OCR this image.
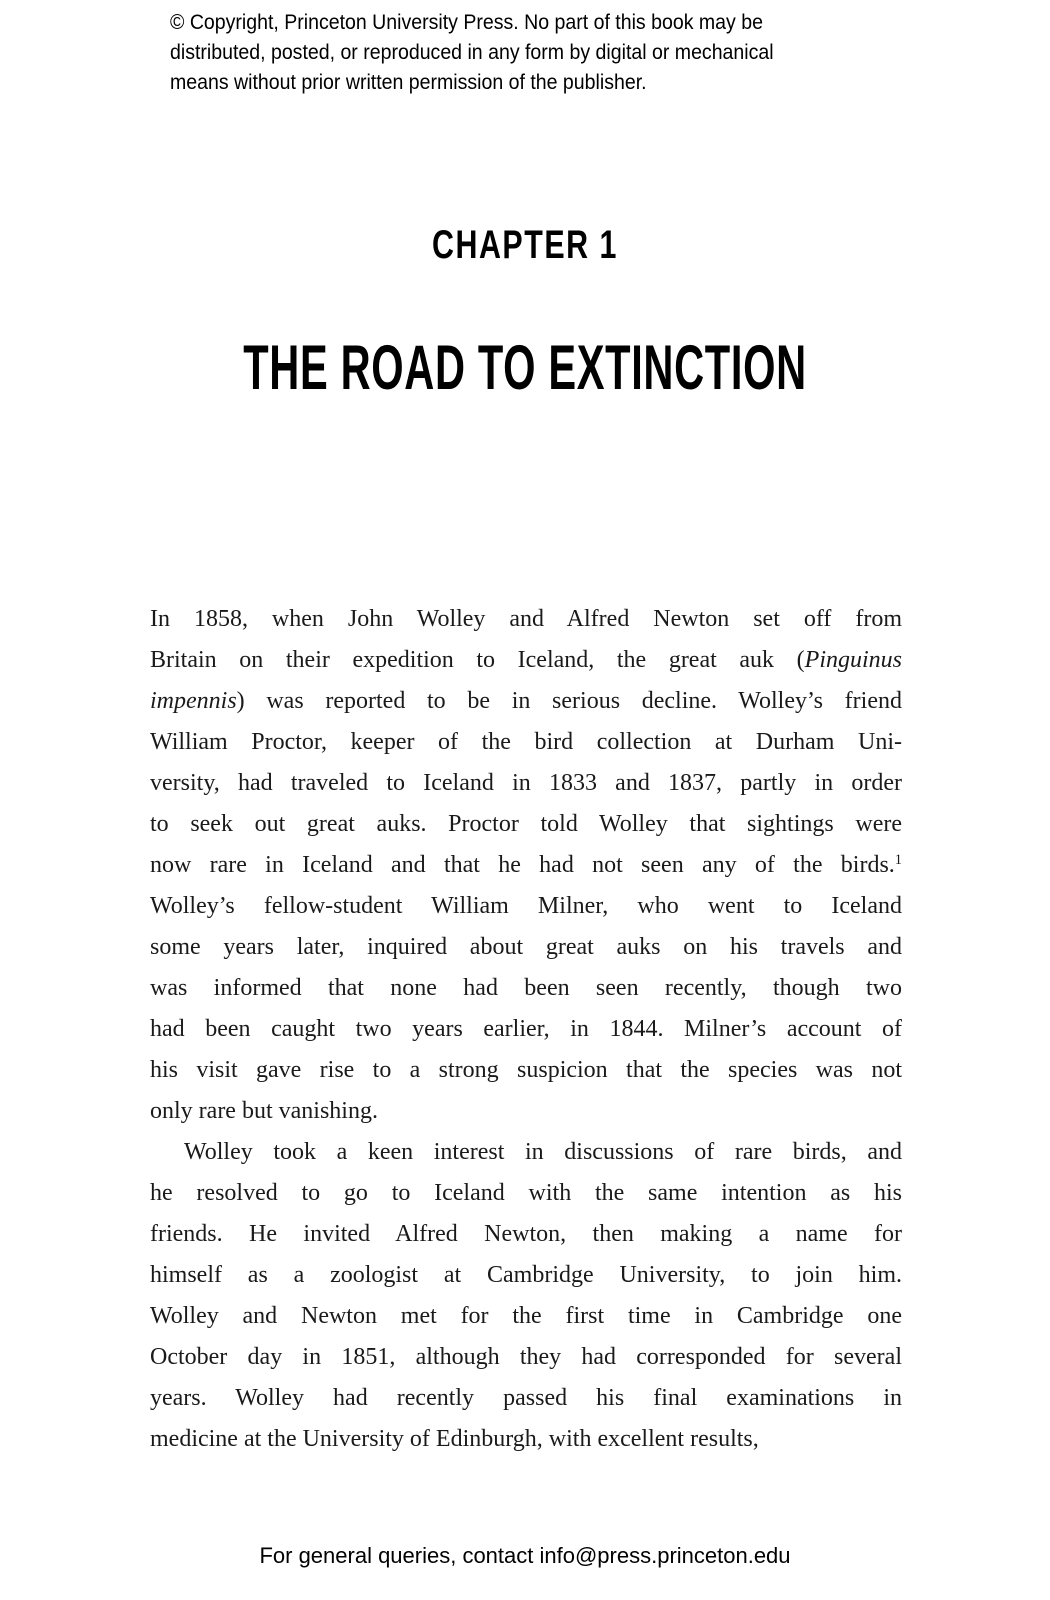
© Copyright, Princeton University Press. No part of this book may be
distributed, posted, or reproduced in any form by digital or mechanical
means without prior written permission of the publisher.
CHAPTER 1
THE ROAD TO EXTINCTION
In 1858, when John Wolley and Alfred Newton set off from
Britain on their expedition to Iceland, the great auk (Pinguinus
impennis) was reported to be in serious decline. Wolley’s friend
William Proctor, keeper of the bird collection at Durham Uni-
versity, had traveled to Iceland in 1833 and 1837, partly in order
to seek out great auks. Proctor told Wolley that sightings were
now rare in Iceland and that he had not seen any of the birds.$^1$
Wolley’s fellow-student William Milner, who went to Iceland
some years later, inquired about great auks on his travels and
was informed that none had been seen recently, though two
had been caught two years earlier, in 1844. Milner’s account of
his visit gave rise to a strong suspicion that the species was not
only rare but vanishing.
Wolley took a keen interest in discussions of rare birds, and
he resolved to go to Iceland with the same intention as his
friends. He invited Alfred Newton, then making a name for
himself as a zoologist at Cambridge University, to join him.
Wolley and Newton met for the first time in Cambridge one
October day in 1851, although they had corresponded for several
years. Wolley had recently passed his final examinations in
medicine at the University of Edinburgh, with excellent results,
For general queries, contact info@press.princeton.edu
